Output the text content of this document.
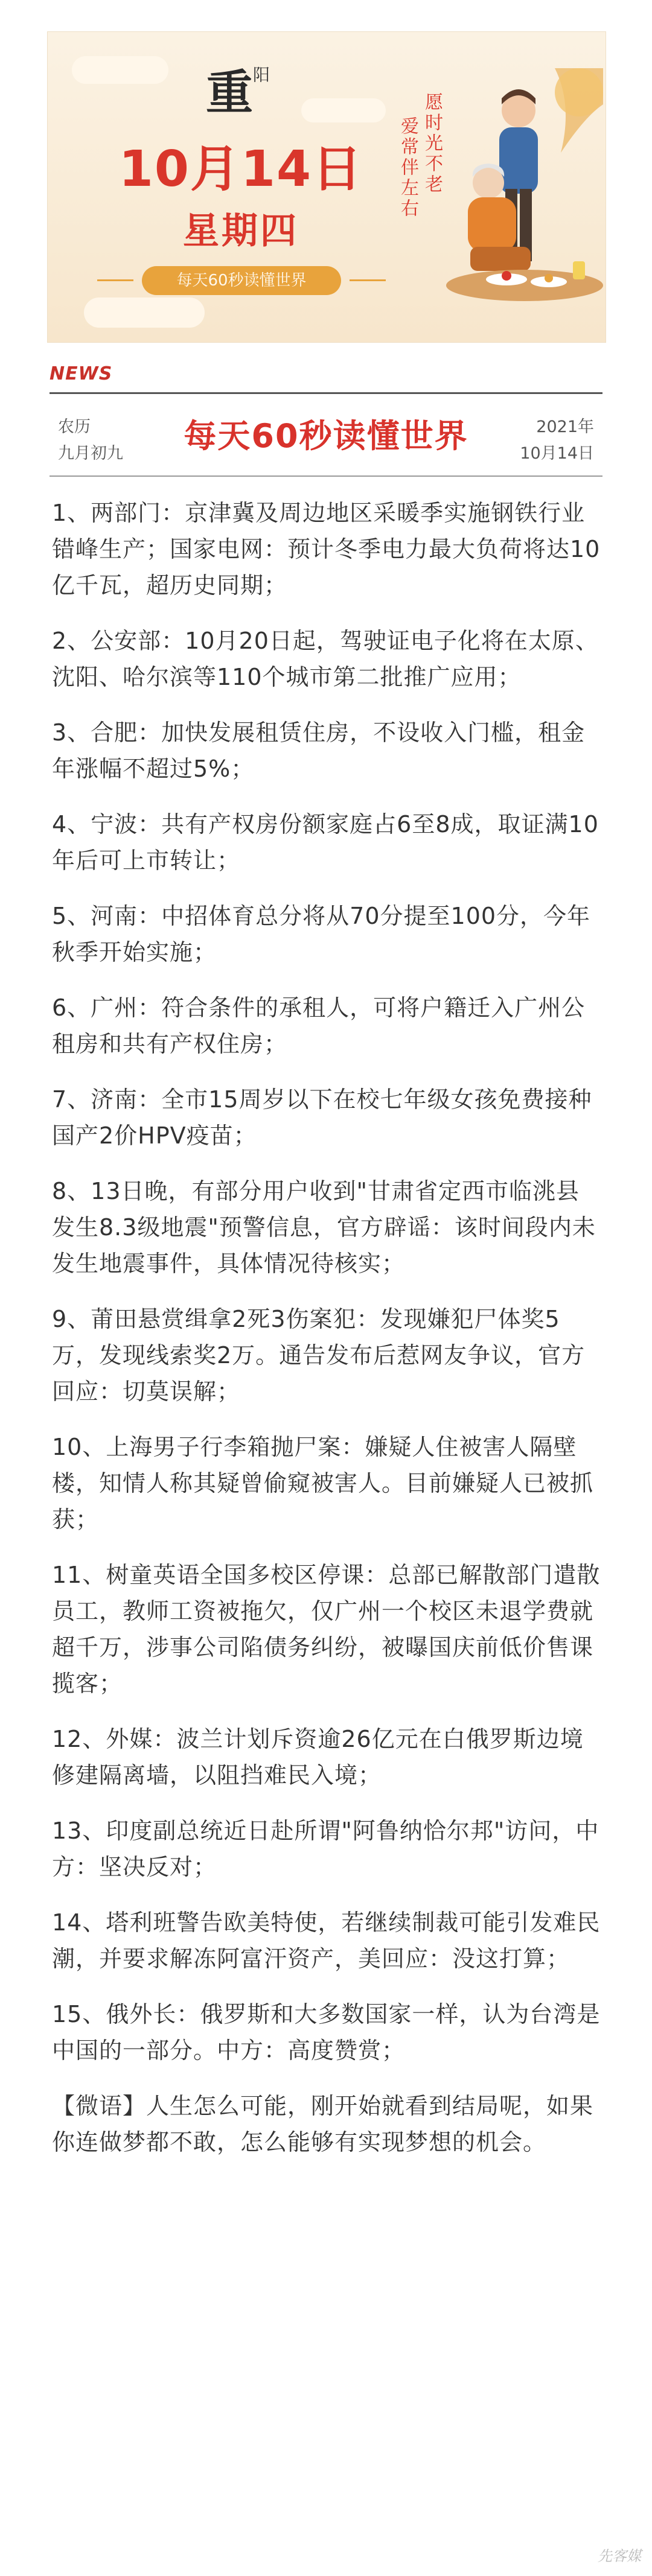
重
阳
10月14日
星期四
每天60秒读懂世界
愿时光不老
爱常伴左右
NEWS
农历
九月初九	每天60秒读懂世界	2021年
10月14日
1、两部门：京津冀及周边地区采暖季实施钢铁行业错峰生产；国家电网：预计冬季电力最大负荷将达10亿千瓦，超历史同期；
2、公安部：10月20日起，驾驶证电子化将在太原、沈阳、哈尔滨等110个城市第二批推广应用；
3、合肥：加快发展租赁住房，不设收入门槛，租金年涨幅不超过5%；
4、宁波：共有产权房份额家庭占6至8成，取证满10年后可上市转让；
5、河南：中招体育总分将从70分提至100分，今年秋季开始实施；
6、广州：符合条件的承租人，可将户籍迁入广州公租房和共有产权住房；
7、济南：全市15周岁以下在校七年级女孩免费接种国产2价HPV疫苗；
8、13日晚，有部分用户收到"甘肃省定西市临洮县发生8.3级地震"预警信息，官方辟谣：该时间段内未发生地震事件，具体情况待核实；
9、莆田悬赏缉拿2死3伤案犯：发现嫌犯尸体奖5万，发现线索奖2万。通告发布后惹网友争议，官方回应：切莫误解；
10、上海男子行李箱抛尸案：嫌疑人住被害人隔壁楼，知情人称其疑曾偷窥被害人。目前嫌疑人已被抓获；
11、树童英语全国多校区停课：总部已解散部门遣散员工，教师工资被拖欠，仅广州一个校区未退学费就超千万，涉事公司陷债务纠纷，被曝国庆前低价售课揽客；
12、外媒：波兰计划斥资逾26亿元在白俄罗斯边境修建隔离墙，以阻挡难民入境；
13、印度副总统近日赴所谓"阿鲁纳恰尔邦"访问，中方：坚决反对；
14、塔利班警告欧美特使，若继续制裁可能引发难民潮，并要求解冻阿富汗资产，美回应：没这打算；
15、俄外长：俄罗斯和大多数国家一样，认为台湾是中国的一部分。中方：高度赞赏；
【微语】人生怎么可能，刚开始就看到结局呢，如果你连做梦都不敢，怎么能够有实现梦想的机会。
先客媒
